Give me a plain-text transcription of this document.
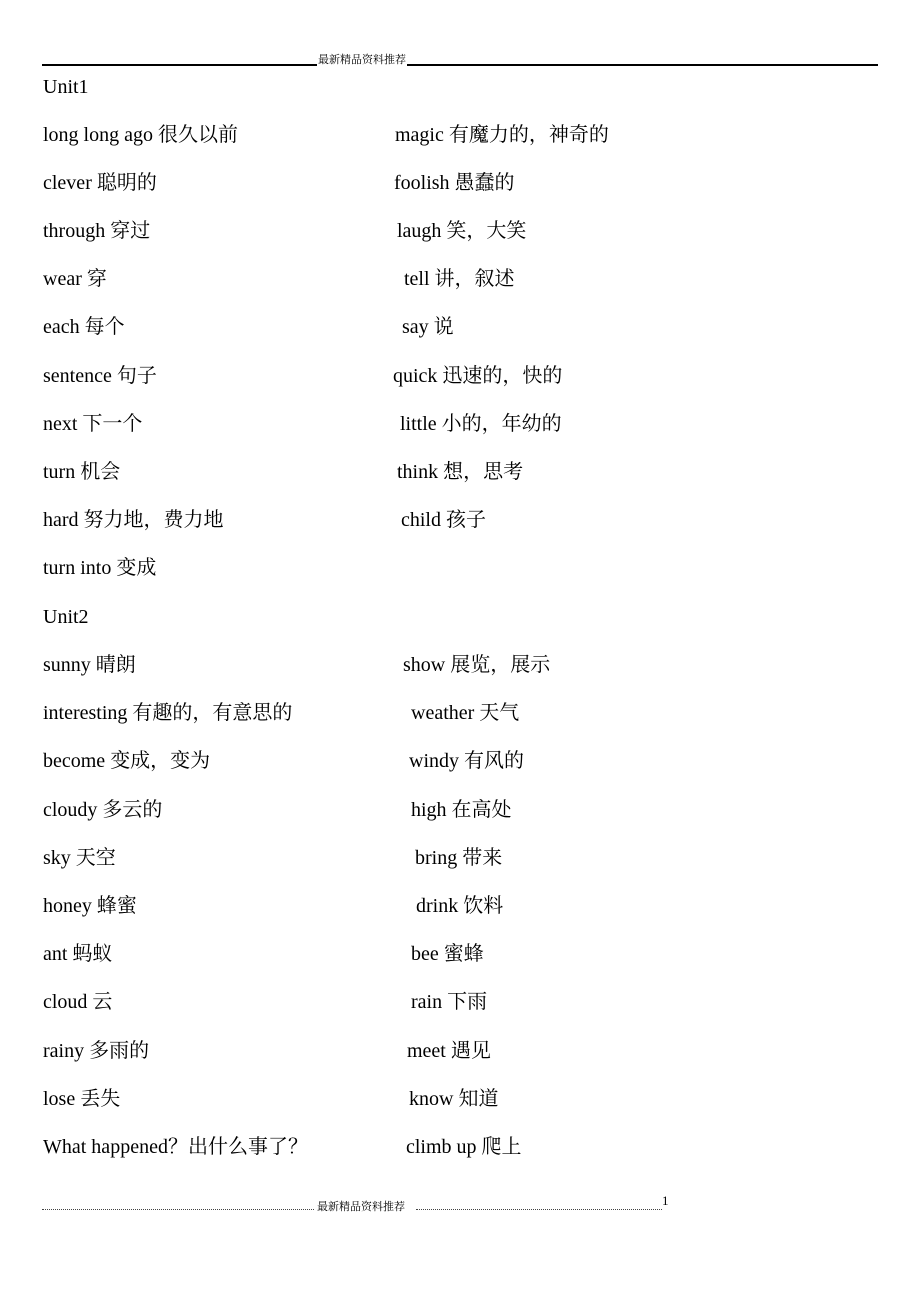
最新精品资料推荐
Unit1
long long ago 很久以前	magic 有魔力的，神奇的
clever 聪明的	foolish 愚蠢的
through 穿过	laugh 笑，大笑
wear 穿	tell 讲，叙述
each 每个	say 说
sentence 句子	quick 迅速的，快的
next 下一个	little 小的，年幼的
turn 机会	think 想，思考
hard 努力地，费力地	child 孩子
turn into 变成
Unit2
sunny 晴朗	show 展览，展示
interesting 有趣的，有意思的	weather 天气
become 变成，变为	windy 有风的
cloudy 多云的	high 在高处
sky 天空	bring 带来
honey 蜂蜜	drink 饮料
ant 蚂蚁	bee 蜜蜂
cloud 云	rain 下雨
rainy 多雨的	meet 遇见
lose 丢失	know 知道
What happened？出什么事了？	climb up 爬上
最新精品资料推荐	1
